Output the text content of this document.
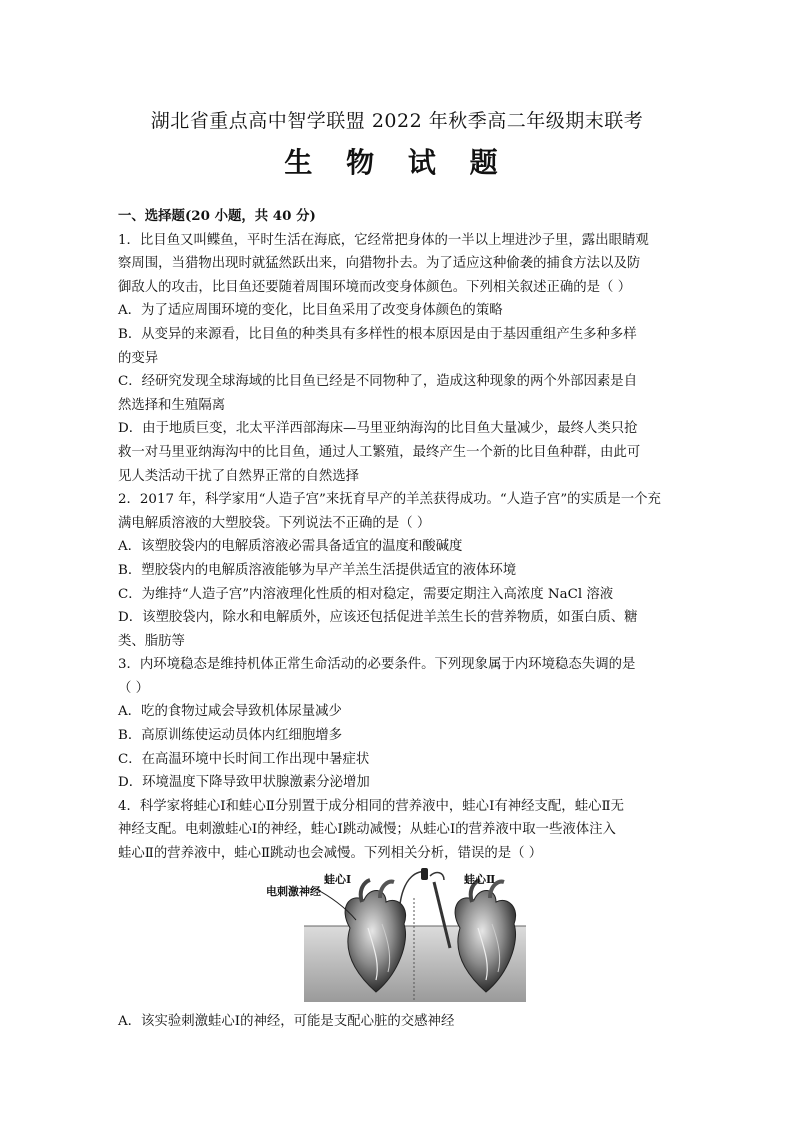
湖北省重点高中智学联盟 2022 年秋季高二年级期末联考
生 物 试 题
一、选择题(20 小题，共 40 分)
1．比目鱼又叫鲽鱼，平时生活在海底，它经常把身体的一半以上埋进沙子里，露出眼睛观
察周围，当猎物出现时就猛然跃出来，向猎物扑去。为了适应这种偷袭的捕食方法以及防
御敌人的攻击，比目鱼还要随着周围环境而改变身体颜色。下列相关叙述正确的是（ ）
A．为了适应周围环境的变化，比目鱼采用了改变身体颜色的策略
B．从变异的来源看，比目鱼的种类具有多样性的根本原因是由于基因重组产生多种多样
的变异
C．经研究发现全球海域的比目鱼已经是不同物种了，造成这种现象的两个外部因素是自
然选择和生殖隔离
D．由于地质巨变，北太平洋西部海床—马里亚纳海沟的比目鱼大量减少，最终人类只抢
救一对马里亚纳海沟中的比目鱼，通过人工繁殖，最终产生一个新的比目鱼种群，由此可
见人类活动干扰了自然界正常的自然选择
2．2017 年，科学家用“人造子宫”来抚育早产的羊羔获得成功。“人造子宫”的实质是一个充
满电解质溶液的大塑胶袋。下列说法不正确的是（ ）
A．该塑胶袋内的电解质溶液必需具备适宜的温度和酸碱度
B．塑胶袋内的电解质溶液能够为早产羊羔生活提供适宜的液体环境
C．为维持“人造子宫”内溶液理化性质的相对稳定，需要定期注入高浓度 NaCl 溶液
D．该塑胶袋内，除水和电解质外，应该还包括促进羊羔生长的营养物质，如蛋白质、糖
类、脂肪等
3．内环境稳态是维持机体正常生命活动的必要条件。下列现象属于内环境稳态失调的是
（ ）
A．吃的食物过咸会导致机体尿量减少
B．高原训练使运动员体内红细胞增多
C．在高温环境中长时间工作出现中暑症状
D．环境温度下降导致甲状腺激素分泌增加
4．科学家将蛙心Ⅰ和蛙心Ⅱ分别置于成分相同的营养液中，蛙心Ⅰ有神经支配，蛙心Ⅱ无
神经支配。电刺激蛙心Ⅰ的神经，蛙心Ⅰ跳动减慢；从蛙心Ⅰ的营养液中取一些液体注入
蛙心Ⅱ的营养液中，蛙心Ⅱ跳动也会减慢。下列相关分析，错误的是（ ）
电刺激神经
蛙心Ⅰ	蛙心Ⅱ
A．该实验刺激蛙心Ⅰ的神经，可能是支配心脏的交感神经
